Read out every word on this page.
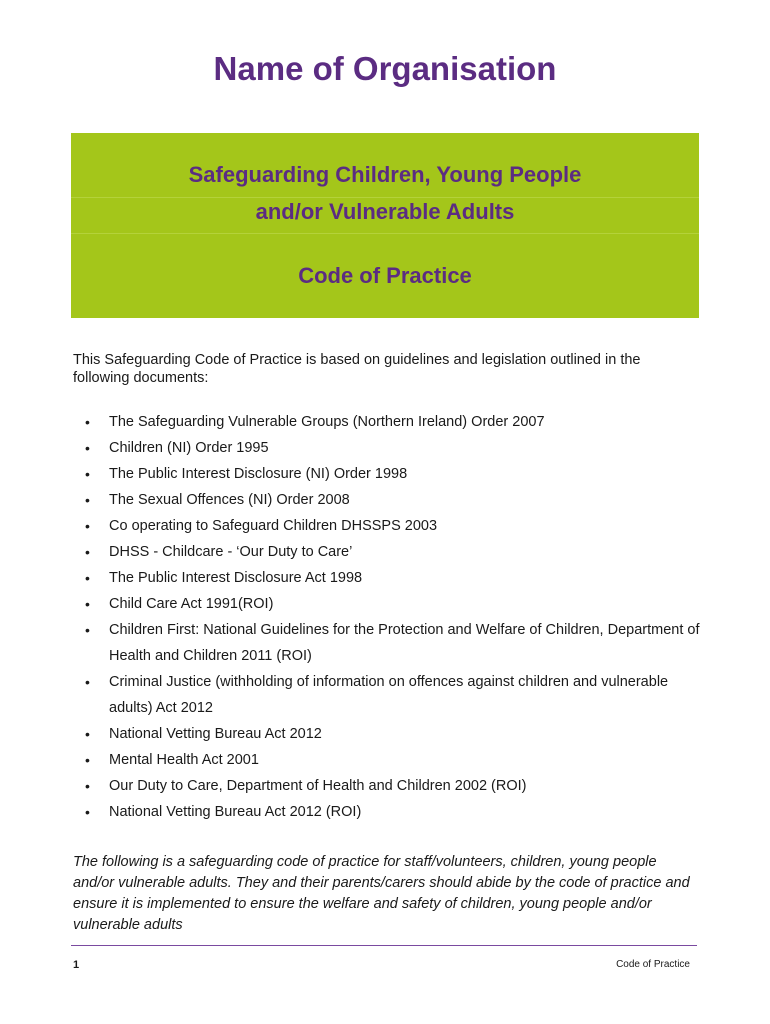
Name of Organisation
Safeguarding Children, Young People
and/or Vulnerable Adults
Code of Practice

This Safeguarding Code of Practice is based on guidelines and legislation outlined in the following documents:

• The Safeguarding Vulnerable Groups (Northern Ireland) Order 2007
• Children (NI) Order 1995
• The Public Interest Disclosure (NI) Order 1998
• The Sexual Offences (NI) Order 2008
• Co operating to Safeguard Children DHSSPS 2003
• DHSS - Childcare - ‘Our Duty to Care’
• The Public Interest Disclosure Act 1998
• Child Care Act 1991(ROI)
• Children First: National Guidelines for the Protection and Welfare of Children, Department of Health and Children 2011 (ROI)
• Criminal Justice (withholding of information on offences against children and vulnerable adults) Act 2012
• National Vetting Bureau Act 2012
• Mental Health Act 2001
• Our Duty to Care, Department of Health and Children 2002 (ROI)
• National Vetting Bureau Act 2012 (ROI)

The following is a safeguarding code of practice for staff/volunteers, children, young people and/or vulnerable adults. They and their parents/carers should abide by the code of practice and ensure it is implemented to ensure the welfare and safety of children, young people and/or vulnerable adults

1	Code of Practice
